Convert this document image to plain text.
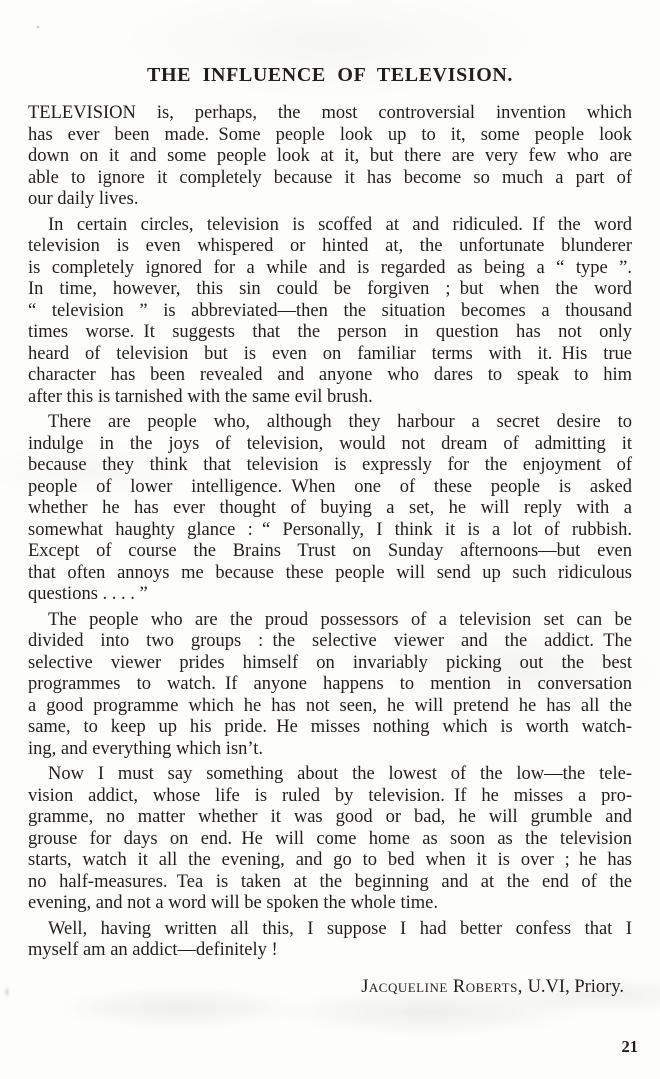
THE INFLUENCE OF TELEVISION.
TELEVISION is, perhaps, the most controversial invention which
has ever been made. Some people look up to it, some people look
down on it and some people look at it, but there are very few who are
able to ignore it completely because it has become so much a part of
our daily lives.
In certain circles, television is scoffed at and ridiculed. If the word
television is even whispered or hinted at, the unfortunate blunderer
is completely ignored for a while and is regarded as being a “ type ”.
In time, however, this sin could be forgiven ; but when the word
“ television ” is abbreviated—then the situation becomes a thousand
times worse. It suggests that the person in question has not only
heard of television but is even on familiar terms with it. His true
character has been revealed and anyone who dares to speak to him
after this is tarnished with the same evil brush.
There are people who, although they harbour a secret desire to
indulge in the joys of television, would not dream of admitting it
because they think that television is expressly for the enjoyment of
people of lower intelligence. When one of these people is asked
whether he has ever thought of buying a set, he will reply with a
somewhat haughty glance : “ Personally, I think it is a lot of rubbish.
Except of course the Brains Trust on Sunday afternoons—but even
that often annoys me because these people will send up such ridiculous
questions . . . . ”
The people who are the proud possessors of a television set can be
divided into two groups : the selective viewer and the addict. The
selective viewer prides himself on invariably picking out the best
programmes to watch. If anyone happens to mention in conversation
a good programme which he has not seen, he will pretend he has all the
same, to keep up his pride. He misses nothing which is worth watch-
ing, and everything which isn’t.
Now I must say something about the lowest of the low—the tele-
vision addict, whose life is ruled by television. If he misses a pro-
gramme, no matter whether it was good or bad, he will grumble and
grouse for days on end. He will come home as soon as the television
starts, watch it all the evening, and go to bed when it is over ; he has
no half-measures. Tea is taken at the beginning and at the end of the
evening, and not a word will be spoken the whole time.
Well, having written all this, I suppose I had better confess that I
myself am an addict—definitely !
Jacqueline Roberts, U.VI, Priory.
21
